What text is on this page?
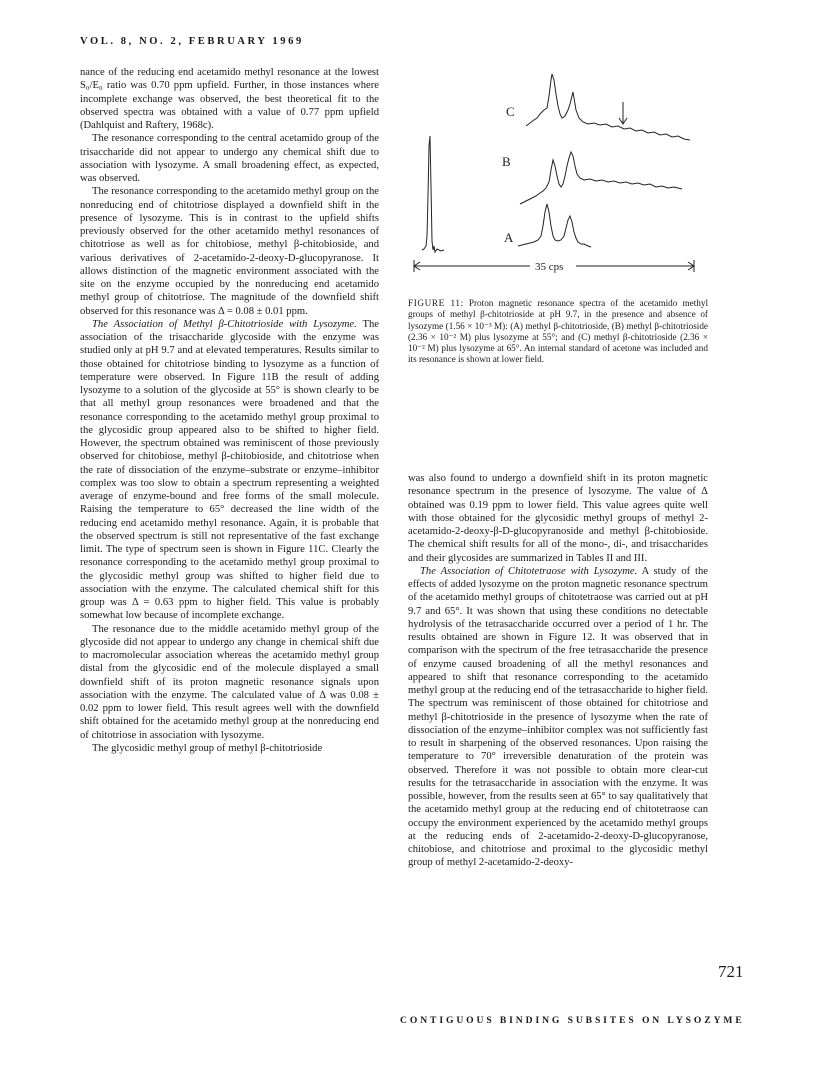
VOL. 8, NO. 2, FEBRUARY 1969

nance of the reducing end acetamido methyl resonance at the lowest S₀/E₀ ratio was 0.70 ppm upfield. Further, in those instances where incomplete exchange was observed, the best theoretical fit to the observed spectra was obtained with a value of 0.77 ppm upfield (Dahlquist and Raftery, 1968c).

The resonance corresponding to the central acetamido group of the trisaccharide did not appear to undergo any chemical shift due to association with lysozyme. A small broadening effect, as expected, was observed.

The resonance corresponding to the acetamido methyl group on the nonreducing end of chitotriose displayed a downfield shift in the presence of lysozyme. This is in contrast to the upfield shifts previously observed for the other acetamido methyl resonances of chitotriose as well as for chitobiose, methyl β-chitobioside, and various derivatives of 2-acetamido-2-deoxy-D-glucopyranose. It allows distinction of the magnetic environment associated with the site on the enzyme occupied by the nonreducing end acetamido methyl group of chitotriose. The magnitude of the downfield shift observed for this resonance was Δ = 0.08 ± 0.01 ppm.

The Association of Methyl β-Chitotrioside with Lysozyme. The association of the trisaccharide glycoside with the enzyme was studied only at pH 9.7 and at elevated temperatures. Results similar to those obtained for chitotriose binding to lysozyme as a function of temperature were observed. In Figure 11B the result of adding lysozyme to a solution of the glycoside at 55° is shown clearly to be that all methyl group resonances were broadened and that the resonance corresponding to the acetamido methyl group proximal to the glycosidic group appeared also to be shifted to higher field. However, the spectrum obtained was reminiscent of those previously observed for chitobiose, methyl β-chitobioside, and chitotriose when the rate of dissociation of the enzyme–substrate or enzyme–inhibitor complex was too slow to obtain a spectrum representing a weighted average of enzyme-bound and free forms of the small molecule. Raising the temperature to 65° decreased the line width of the reducing end acetamido methyl resonance. Again, it is probable that the observed spectrum is still not representative of the fast exchange limit. The type of spectrum seen is shown in Figure 11C. Clearly the resonance corresponding to the acetamido methyl group proximal to the glycosidic methyl group was shifted to higher field due to association with the enzyme. The calculated chemical shift for this group was Δ = 0.63 ppm to higher field. This value is probably somewhat low because of incomplete exchange.

The resonance due to the middle acetamido methyl group of the glycoside did not appear to undergo any change in chemical shift due to macromolecular association whereas the acetamido methyl group distal from the glycosidic end of the molecule displayed a small downfield shift of its proton magnetic resonance signals upon association with the enzyme. The calculated value of Δ was 0.08 ± 0.02 ppm to lower field. This result agrees well with the downfield shift obtained for the acetamido methyl group at the nonreducing end of chitotriose in association with lysozyme.

The glycosidic methyl group of methyl β-chitotrioside

C
B
A
35 cps
FIGURE 11: Proton magnetic resonance spectra of the acetamido methyl groups of methyl β-chitotrioside at pH 9.7, in the presence and absence of lysozyme (1.56 × 10⁻³ M): (A) methyl β-chitotrioside, (B) methyl β-chitotrioside (2.36 × 10⁻² M) plus lysozyme at 55°; and (C) methyl β-chitotrioside (2.36 × 10⁻² M) plus lysozyme at 65°. An internal standard of acetone was included and its resonance is shown at lower field.

was also found to undergo a downfield shift in its proton magnetic resonance spectrum in the presence of lysozyme. The value of Δ obtained was 0.19 ppm to lower field. This value agrees quite well with those obtained for the glycosidic methyl groups of methyl 2-acetamido-2-deoxy-β-D-glucopyranoside and methyl β-chitobioside. The chemical shift results for all of the mono-, di-, and trisaccharides and their glycosides are summarized in Tables II and III.

The Association of Chitotetraose with Lysozyme. A study of the effects of added lysozyme on the proton magnetic resonance spectrum of the acetamido methyl groups of chitotetraose was carried out at pH 9.7 and 65°. It was shown that using these conditions no detectable hydrolysis of the tetrasaccharide occurred over a period of 1 hr. The results obtained are shown in Figure 12. It was observed that in comparison with the spectrum of the free tetrasaccharide the presence of enzyme caused broadening of all the methyl resonances and appeared to shift that resonance corresponding to the acetamido methyl group at the reducing end of the tetrasaccharide to higher field. The spectrum was reminiscent of those obtained for chitotriose and methyl β-chitotrioside in the presence of lysozyme when the rate of dissociation of the enzyme–inhibitor complex was not sufficiently fast to result in sharpening of the observed resonances. Upon raising the temperature to 70° irreversible denaturation of the protein was observed. Therefore it was not possible to obtain more clear-cut results for the tetrasaccharide in association with the enzyme. It was possible, however, from the results seen at 65° to say qualitatively that the acetamido methyl group at the reducing end of chitotetraose can occupy the environment experienced by the acetamido methyl groups at the reducing ends of 2-acetamido-2-deoxy-D-glucopyranose, chitobiose, and chitotriose and proximal to the glycosidic methyl group of methyl 2-acetamido-2-deoxy-

721
CONTIGUOUS BINDING SUBSITES ON LYSOZYME
